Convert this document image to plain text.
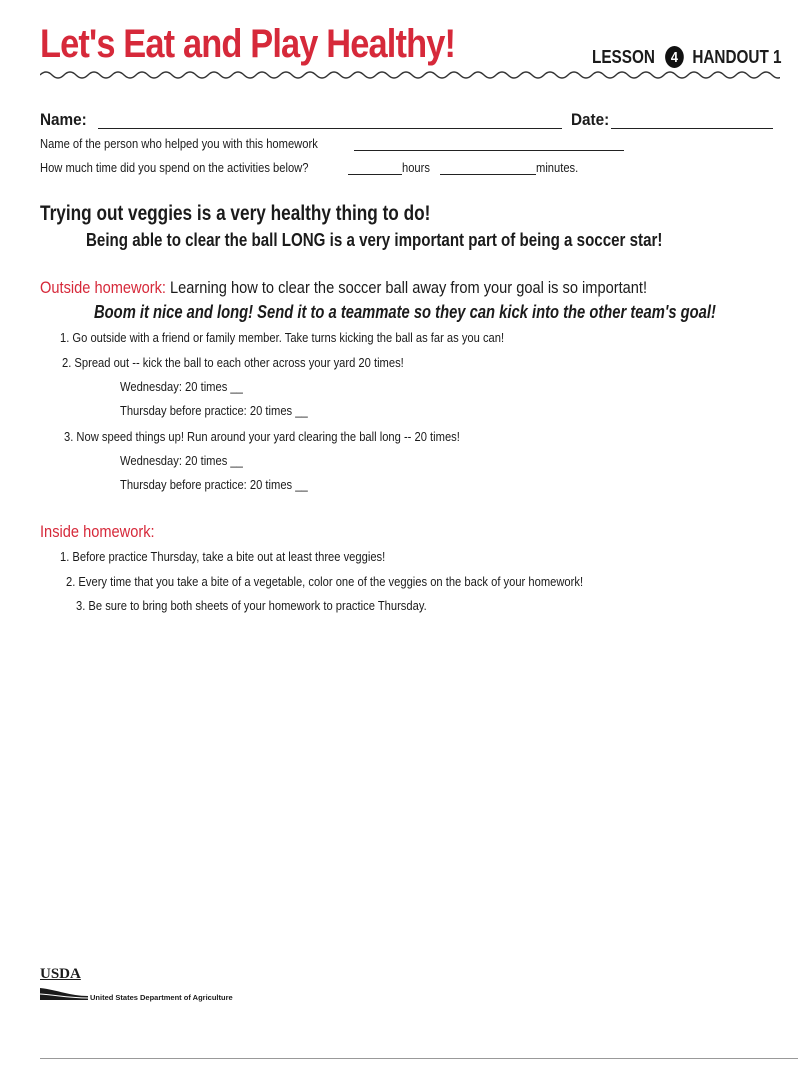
Let's Eat and Play Healthy!	LESSON	4 HANDOUT 1
Name:	Date:
Name of the person who helped you with this homework
How much time did you spend on the activities below?	hours	minutes.
Trying out veggies is a very healthy thing to do!
Being able to clear the ball LONG is a very important part of being a soccer star!
Outside homework: Learning how to clear the soccer ball away from your goal is so important!
Boom it nice and long! Send it to a teammate so they can kick into the other team's goal!
1. Go outside with a friend or family member. Take turns kicking the ball as far as you can!
2. Spread out -- kick the ball to each other across your yard 20 times!
Wednesday: 20 times __
Thursday before practice: 20 times __
3. Now speed things up! Run around your yard clearing the ball long -- 20 times!
Wednesday: 20 times __
Thursday before practice: 20 times __
Inside homework:
1. Before practice Thursday, take a bite out at least three veggies!
2. Every time that you take a bite of a vegetable, color one of the veggies on the back of your homework!
3. Be sure to bring both sheets of your homework to practice Thursday.
USDA
United States Department of Agriculture
